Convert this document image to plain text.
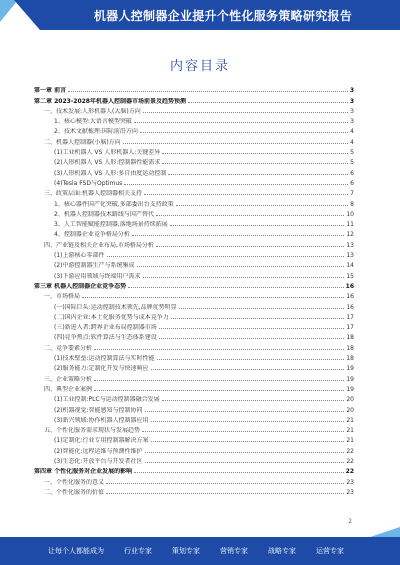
机器人控制器企业提升个性化服务策略研究报告
内容目录
第一章 前言	3
第二章 2023-2028年机器人控制器市场前景及趋势预测	3
一、技术发展:人形机器人(大脑)方向	3
1、核心模型:大语言模型突破	3
2、技术文献梳理:国际前沿方向	4
二、机器人控制器(小脑)方向	4
(1)工业机器人 VS 人形机器人:关键差异	5
(2)人形机器人 VS 人形:控制器性能需求	5
(3)人形机器人 VS 人形:多自由度运动控制	6
(4)Tesla FSD与Optimus	6
三、政策层面:机器人控制器相关支持	7
1、核心器件国产化突破,多部委出台支持政策	8
2、机器人控制器技术路线与国产替代	10
3、人工智能赋能控制器,落地场景持续拓展	11
4、控制器企业竞争格局分析	12
四、产业链及相关企业布局,市场格局分析	13
(1)上游核心零部件	13
(2)中游控制器生产与系统集成	14
(3)下游应用领域与终端用户需求	15
第三章 机器人控制器企业竞争态势	16
一、市场格局	16
(一)国际巨头:运动控制技术领先,品牌优势明显	16
(二)国内企业:本土化服务优势与成本竞争力	17
(三)新进入者:跨界企业布局控制器市场	17
(四)竞争焦点:软件算法与生态体系建设	18
二、竞争要素分析	18
(1)技术壁垒:运动控制算法与实时性能	18
(2)服务能力:定制化开发与快速响应	19
三、企业策略分析	19
四、典型企业案例	19
(1)工业控制:PLC与运动控制器融合发展	20
(2)机器视觉:智能感知与控制协同	20
(3)新兴领域:协作机器人控制器应用	21
五、个性化服务需求现状与发展趋势	21
(1)定制化:行业专用控制器解决方案	21
(2)智能化:远程运维与预测性维护	22
(3)生态化:开放平台与开发者社区	22
第四章 个性化服务对企业发展的影响	22
一、个性化服务的意义	23
二、个性化服务的价值	23
2
让每个人都能成为	行业专家	策划专家	营销专家	战略专家	运营专家
